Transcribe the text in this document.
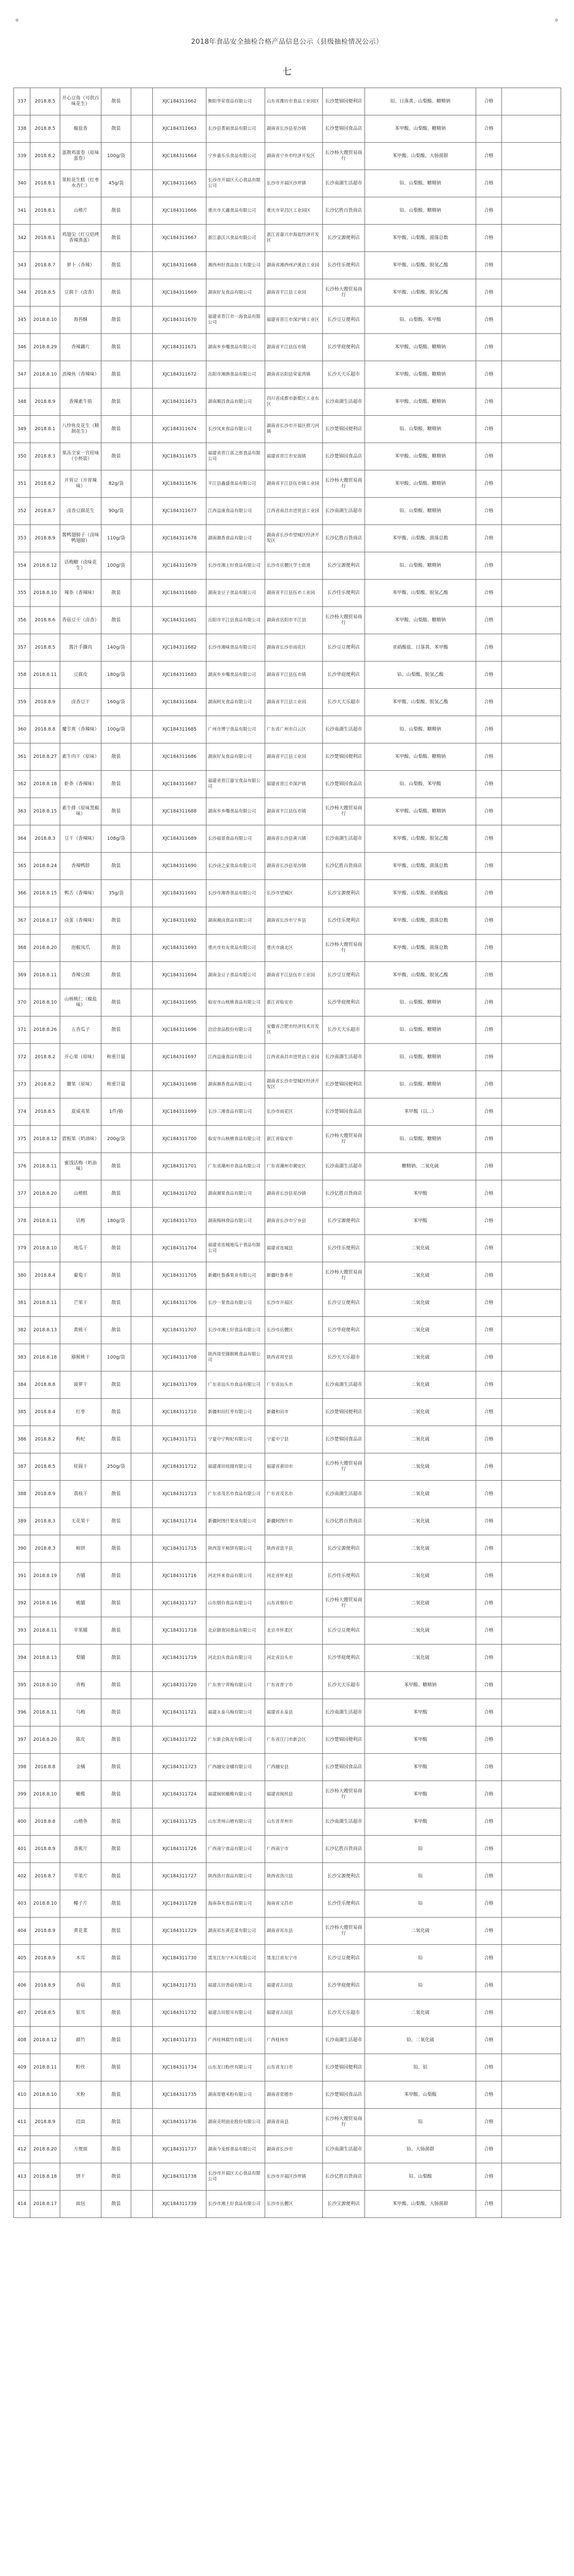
2018年食品安全抽检合格产品信息公示（县级抽检情况公示）
七
337	2018.8.5	开心豆角（可供百味花生）	散装		XJC184311662	衡阳华荣食品有限公司	山东省潍坊市食品工业园区	长沙楚锦园便利店	铅、日落黄、山梨酸、糖精钠	合格	
338	2018.8.5	椒盐香	散装		XJC184311663	长沙县菁丽食品有限公司	湖南省长沙县星沙镇	长沙楚锦园食品店	苯甲酸、山梨酸、糖精钠	合格	
339	2018.8.2	蛋散鸡蛋卷（原味蛋卷）	100g/袋		XJC184311664	宁乡嘉乐乐食品有限公司	湖南省宁乡市经济开发区	长沙杨大嫂贸易商行	苯甲酸、山梨酸、大肠菌群	合格	
340	2018.8.1	果粒花生糕（红枣水杏仁）	45g/袋		XJC184311665	长沙市开福区天心食品有限公司	长沙市开福区沙坪镇	长沙南湖生活超市	铅、山梨酸、糖精钠	合格	
341	2018.8.1	山楂片	散装		XJC184311666	重庆市天鑫食品有限公司	重庆市荣昌区工业园区	长沙亿胜百货商店	铅、山梨酸、糖精钠	合格	
342	2018.8.1	鸡翅尖（红豆焙烤香辣蒸蛋）	散装		XJC184311667	浙江嘉沃兴食品有限公司	浙江省嘉兴市海盐经济开发区	长沙宝源便利店	苯甲酸、山梨酸、菌落总数	合格	
343	2018.8.7	萝卜（香辣）	散装		XJC184311668	湘西州好食品加工有限公司	湖南省湘西州泸溪县工业园	长沙佳乐便利店	苯甲酸、山梨酸、脱氢乙酸	合格	
344	2018.8.5	豆腐干（卤香）	散装		XJC184311669	湖南好友食品有限公司	湖南省平江县工业园	长沙杨大嫂贸易商行	苯甲酸、山梨酸、脱氢乙酸	合格	
345	2018.8.10	海苔酥	散装		XJC184311670	福建省晋江市一海食品有限公司	福建省晋江市深沪镇工业区	长沙豆豆便利店	铅、山梨酸、苯甲酸	合格	
346	2018.8.29	香辣藕片	散装		XJC184311671	湖南乡乡嘴食品有限公司	湖南省平江县伍市镇	长沙华庭便利店	苯甲酸、山梨酸、糖精钠	合格	
347	2018.8.10	劲辣鱼（香辣味）	散装		XJC184311672	岳阳市湘渔食品有限公司	湖南省岳阳县荣家湾镇	长沙天天乐超市	苯甲酸、山梨酸、糖精钠	合格	
348	2018.8.9	香辣素牛筋	散装		XJC184311673	湖南顺昌食品有限公司	四川省成都市新都区工业东区	长沙南湖生活超市	苯甲酸、山梨酸、糖精钠	合格	
349	2018.8.1	八珍鱼皮花生（精制花生）	散装		XJC184311674	长沙凤来食品有限公司	湖南省长沙市开福区捞刀河镇	长沙楚锦园便利店	铅、山梨酸、糖精钠	合格	
350	2018.8.3	果冻全家一宫桂味（小杯装）	散装		XJC184311675	福建省晋江喜之郎食品有限公司	福建省晋江市安海镇	长沙楚锦园食品店	苯甲酸、山梨酸、糖精钠	合格	
351	2018.8.2	开胃豆（开胃辣味）	82g/袋		XJC184311676	平江县鑫盛食品有限公司	湖南省平江县伍市镇工业园	长沙杨大嫂贸易商行	苯甲酸、山梨酸、糖精钠	合格	
352	2018.8.7	卤香豆腐花生	90g/袋		XJC184311677	江西益康食品有限公司	江西省南昌市进贤县工业园	长沙南湖生活超市	铅、山梨酸、糖精钠	合格	
353	2018.8.9	酱鸭翅膀子（卤味鸭翅膀）	110g/袋		XJC184311678	湖南湘香食品有限公司	湖南省长沙市望城区经济开发区	长沙亿胜百货商店	苯甲酸、山梨酸、菌落总数	合格	
354	2018.8.12	话梅糖（卤味花生）	100g/袋		XJC184311679	长沙市湘上好食品有限公司	长沙市岳麓区学士街道	长沙宝源便利店	铅、山梨酸、糖精钠	合格	
355	2018.8.10	辣条（香辣味）	散装		XJC184311680	湖南金豆子食品有限公司	湖南省平江县伍市工业园	长沙佳乐便利店	苯甲酸、山梨酸、脱氢乙酸	合格	
356	2018.8.6	香菇豆干（卤香）	散装		XJC184311681	岳阳市平江县食品有限公司	湖南省岳阳市平江县	长沙杨大嫂贸易商行	苯甲酸、山梨酸、糖精钠	合格	
357	2018.8.5	酱汁手撕肉	140g/袋		XJC184311682	长沙市湘味食品有限公司	湖南省长沙市雨花区	长沙豆豆便利店	亚硝酸盐、日落黄、苯甲酸	合格	
358	2018.8.11	豆腐皮	180g/袋		XJC184311683	湖南乡乡嘴食品有限公司	湖南省平江县伍市镇	长沙华庭便利店	铅、山梨酸、脱氢乙酸	合格	
359	2018.8.9	卤香豆干	160g/袋		XJC184311684	湖南阿光食品有限公司	湖南省平江县工业园	长沙天天乐超市	苯甲酸、山梨酸、脱氢乙酸	合格	
360	2018.8.8	魔芋爽（香辣味）	100g/袋		XJC184311685	广州市博宁食品有限公司	广东省广州市白云区	长沙南湖生活超市	铅、山梨酸、糖精钠	合格	
361	2018.8.27	素牛肉干（原味）	散装		XJC184311686	湖南好友食品有限公司	湖南省平江县工业园	长沙楚锦园便利店	苯甲酸、山梨酸、糖精钠	合格	
362	2018.8.18	虾条（香辣味）	散装		XJC184311687	福建省晋江嘉宝食品有限公司	福建省晋江市深沪镇	长沙楚锦园食品店	铅、山梨酸、苯甲酸	合格	
363	2018.8.15	素牛排（原味黑椒味）	散装		XJC184311688	湖南乡乡嘴食品有限公司	湖南省平江县伍市镇	长沙杨大嫂贸易商行	苯甲酸、山梨酸、糖精钠	合格	
364	2018.8.3	豆干（香辣味）	108g/袋		XJC184311689	长沙福景食品有限公司	湖南省长沙县黄兴镇	长沙南湖生活超市	苯甲酸、山梨酸、脱氢乙酸	合格	
365	2018.8.24	香辣鸭脖	散装		XJC184311690	长沙卤之家食品有限公司	湖南省长沙县星沙镇	长沙亿胜百货商店	苯甲酸、山梨酸、菌落总数	合格	
366	2018.8.15	鸭舌（香辣味）	35g/袋		XJC184311691	长沙市湘香食品有限公司	长沙市望城区	长沙宝源便利店	苯甲酸、山梨酸、亚硝酸盐	合格	
367	2018.8.17	卤蛋（香辣味）	散装		XJC184311692	湖南湘卤食品有限公司	湖南省长沙市宁乡县	长沙佳乐便利店	苯甲酸、山梨酸、菌落总数	合格	
368	2018.8.20	泡椒凤爪	散装		XJC184311693	重庆市有友食品有限公司	重庆市渝北区	长沙杨大嫂贸易商行	苯甲酸、山梨酸、菌落总数	合格	
369	2018.8.11	香辣豆腐	散装		XJC184311694	湖南金豆子食品有限公司	湖南省平江县伍市工业园	长沙豆豆便利店	苯甲酸、山梨酸、脱氢乙酸	合格	
370	2018.8.10	山核桃仁（椒盐味）	散装		XJC184311695	临安市山核桃食品有限公司	浙江省临安市	长沙华庭便利店	铅、山梨酸、糖精钠	合格	
371	2018.8.26	五香瓜子	散装		XJC184311696	洽洽食品股份有限公司	安徽省合肥市经济技术开发区	长沙天天乐超市	铅、山梨酸、糖精钠	合格	
372	2018.8.2	开心果（原味）	称重计量		XJC184311697	江西益康食品有限公司	江西省南昌市进贤县工业园	长沙南湖生活超市	铅、山梨酸、糖精钠	合格	
373	2018.8.2	腰果（原味）	称重计量		XJC184311698	湖南湘香食品有限公司	湖南省长沙市望城区经济开发区	长沙楚锦园便利店	铅、山梨酸、糖精钠	合格	
374	2018.8.5	夏威夷果	1件/箱		XJC184311699	长沙三湘食品有限公司	长沙市雨花区	长沙楚锦园食品店	苯甲酸（以...）	合格	
375	2018.8.12	碧根果（奶油味）	200g/袋		XJC184311700	临安市山核桃食品有限公司	浙江省临安市	长沙杨大嫂贸易商行	铅、山梨酸、糖精钠	合格	
376	2018.8.11	蜜饯话梅（奶油味）	散装		XJC184311701	广东省潮州市食品有限公司	广东省潮州市潮安区	长沙南湖生活超市	糖精钠、二氧化硫	合格	
377	2018.8.20	山楂糕	散装		XJC184311702	湖南湘果食品有限公司	湖南省长沙县星沙镇	长沙亿胜百货商店	苯甲酸	合格	
378	2018.8.11	话梅	180g/袋		XJC184311703	湖南梅林食品有限公司	湖南省长沙市宁乡县	长沙宝源便利店	苯甲酸	合格	
379	2018.8.10	地瓜干	散装		XJC184311704	福建省连城地瓜干食品有限公司	福建省连城县	长沙佳乐便利店	二氧化硫	合格	
380	2018.8.4	葡萄干	散装		XJC184311705	新疆吐鲁番果业有限公司	新疆吐鲁番市	长沙杨大嫂贸易商行	二氧化硫	合格	
381	2018.8.11	芒果干	散装		XJC184311706	长沙一果食品有限公司	长沙市开福区	长沙豆豆便利店	二氧化硫	合格	
382	2018.8.13	黄桃干	散装		XJC184311707	长沙市湘上好食品有限公司	长沙市岳麓区	长沙华庭便利店	二氧化硫	合格	
383	2018.8.18	猕猴桃干	100g/袋		XJC184311708	陕西周至猕猴桃食品有限公司	陕西省周至县	长沙天天乐超市	二氧化硫	合格	
384	2018.8.8	菠萝干	散装		XJC184311709	广东省汕头市食品有限公司	广东省汕头市	长沙南湖生活超市	二氧化硫	合格	
385	2018.8.4	红枣	散装		XJC184311710	新疆和田红枣有限公司	新疆和田市	长沙楚锦园便利店	二氧化硫	合格	
386	2018.8.2	枸杞	散装		XJC184311711	宁夏中宁枸杞有限公司	宁夏中宁县	长沙楚锦园食品店	二氧化硫	合格	
387	2018.8.5	桂圆干	250g/袋		XJC184311712	福建莆田桂圆有限公司	福建省莆田市	长沙杨大嫂贸易商行	二氧化硫	合格	
388	2018.8.9	荔枝干	散装		XJC184311713	广东省茂名市食品有限公司	广东省茂名市	长沙南湖生活超市	二氧化硫	合格	
389	2018.8.3	无花果干	散装		XJC184311714	新疆阿图什果业有限公司	新疆阿图什市	长沙亿胜百货商店	二氧化硫	合格	
390	2018.8.3	柿饼	散装		XJC184311715	陕西富平柿饼有限公司	陕西省富平县	长沙宝源便利店	二氧化硫	合格	
391	2018.8.19	杏脯	散装		XJC184311716	河北怀来食品有限公司	河北省怀来县	长沙佳乐便利店	二氧化硫	合格	
392	2018.8.16	桃脯	散装		XJC184311717	山东烟台食品有限公司	山东省烟台市	长沙杨大嫂贸易商行	二氧化硫	合格	
393	2018.8.11	苹果脯	散装		XJC184311718	北京御食园食品有限公司	北京市怀柔区	长沙豆豆便利店	二氧化硫	合格	
394	2018.8.13	梨脯	散装		XJC184311719	河北泊头食品有限公司	河北省泊头市	长沙华庭便利店	二氧化硫	合格	
395	2018.8.10	青梅	散装		XJC184311720	广东普宁青梅有限公司	广东省普宁市	长沙天天乐超市	苯甲酸、糖精钠	合格	
396	2018.8.11	乌梅	散装		XJC184311721	福建永泰乌梅有限公司	福建省永泰县	长沙南湖生活超市	苯甲酸	合格	
397	2018.8.20	陈皮	散装		XJC184311722	广东新会陈皮有限公司	广东省江门市新会区	长沙楚锦园便利店	苯甲酸	合格	
398	2018.8.8	金橘	散装		XJC184311723	广西融安金橘有限公司	广西融安县	长沙楚锦园食品店	苯甲酸	合格	
399	2018.8.10	橄榄	散装		XJC184311724	福建闽侯橄榄有限公司	福建省闽侯县	长沙杨大嫂贸易商行	苯甲酸	合格	
400	2018.8.8	山楂条	散装		XJC184311725	山东青州山楂有限公司	山东省青州市	长沙南湖生活超市	苯甲酸	合格	
401	2018.8.9	香蕉片	散装		XJC184311726	广西南宁食品有限公司	广西南宁市	长沙亿胜百货商店	铅	合格	
402	2018.8.7	苹果片	散装		XJC184311727	陕西洛川食品有限公司	陕西省洛川县	长沙宝源便利店	铅	合格	
403	2018.8.10	椰子片	散装		XJC184311728	海南春光食品有限公司	海南省文昌市	长沙佳乐便利店	铅	合格	
404	2018.8.9	黄花菜	散装		XJC184311729	湖南祁东黄花菜有限公司	湖南省祁东县	长沙杨大嫂贸易商行	二氧化硫	合格	
405	2018.8.9	木耳	散装		XJC184311730	黑龙江东宁木耳有限公司	黑龙江省东宁市	长沙豆豆便利店	铅	合格	
406	2018.8.9	香菇	散装		XJC184311731	福建古田香菇有限公司	福建省古田县	长沙华庭便利店	铅	合格	
407	2018.8.5	银耳	散装		XJC184311732	福建古田银耳有限公司	福建省古田县	长沙天天乐超市	二氧化硫	合格	
408	2018.8.12	腐竹	散装		XJC184311733	广西桂林腐竹有限公司	广西桂林市	长沙南湖生活超市	铅、二氧化硫	合格	
409	2018.8.11	粉丝	散装		XJC184311734	山东龙口粉丝有限公司	山东省龙口市	长沙楚锦园便利店	铅、铝	合格	
410	2018.8.10	米粉	散装		XJC184311735	湖南常德米粉有限公司	湖南省常德市	长沙楚锦园食品店	苯甲酸、山梨酸	合格	
411	2018.8.9	挂面	散装		XJC184311736	湖南克明面业股份有限公司	湖南省南县	长沙杨大嫂贸易商行	铅	合格	
412	2018.8.20	方便面	散装		XJC184311737	湖南今麦郎食品有限公司	湖南省长沙市	长沙南湖生活超市	铅、大肠菌群	合格	
413	2018.8.18	饼干	散装		XJC184311738	长沙市开福区天心食品有限公司	长沙市开福区沙坪镇	长沙亿胜百货商店	铅、山梨酸	合格	
414	2018.8.17	面包	散装		XJC184311739	长沙市湘上好食品有限公司	长沙市岳麓区	长沙宝源便利店	苯甲酸、山梨酸、大肠菌群	合格	
